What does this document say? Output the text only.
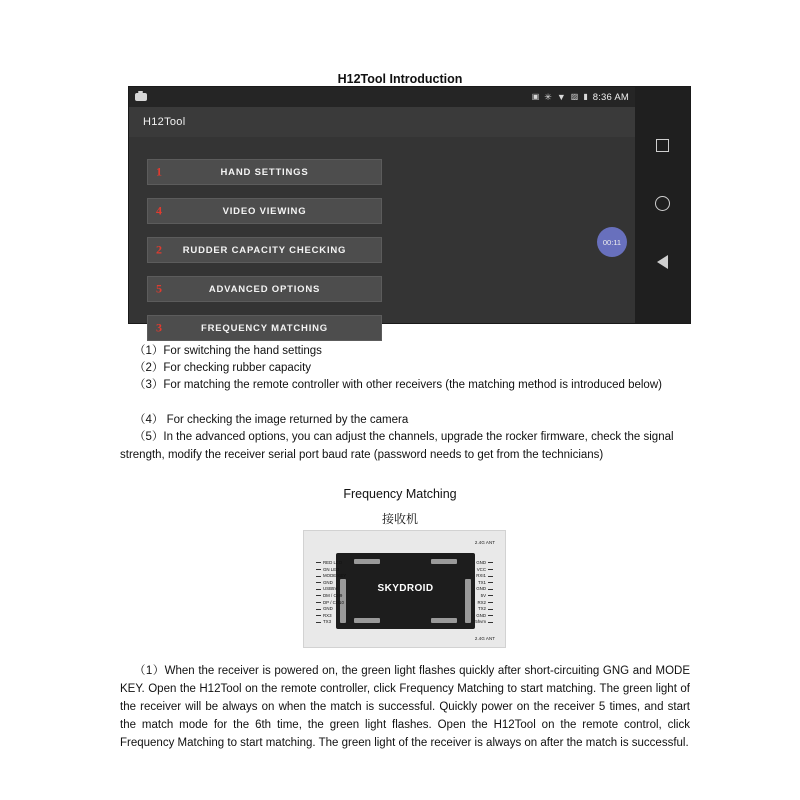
H12Tool Introduction
▣ ✳ ▼ ▨ ▮ 8:36 AM
H12Tool
1	HAND SETTINGS
4	VIDEO VIEWING
2 RUDDER CAPACITY CHECKING
5	ADVANCED OPTIONS
3	FREQUENCY MATCHING
00:11
（1）For switching the hand settings
（2）For checking rubber capacity
（3）For matching the remote controller with other receivers (the matching method is introduced below)
（4） For checking the image returned by the camera
（5）In the advanced options, you can adjust the channels, upgrade the rocker firmware, check the signal strength, modify the receiver serial port baud rate (password needs to get from the technicians)
Frequency Matching
接收机
SKYDROID
2.4G ANT
2.4G ANT
RED LED
GN LED
MODE KEY
GND
USB5V
DM / CH9
DP / CH10
GND
RX3
TX3
GND
VCC
RXI1
TX1
GND
5V
RX2
TX2
GND
5hvm
（1）When the receiver is powered on, the green light flashes quickly after short-circuiting GNG and MODE KEY. Open the H12Tool on the remote controller, click Frequency Matching to start matching. The green light of the receiver will be always on when the match is successful. Quickly power on the receiver 5 times, and start the match mode for the 6th time, the green light flashes. Open the H12Tool on the remote control, click Frequency Matching to start matching. The green light of the receiver is always on after the match is successful.
